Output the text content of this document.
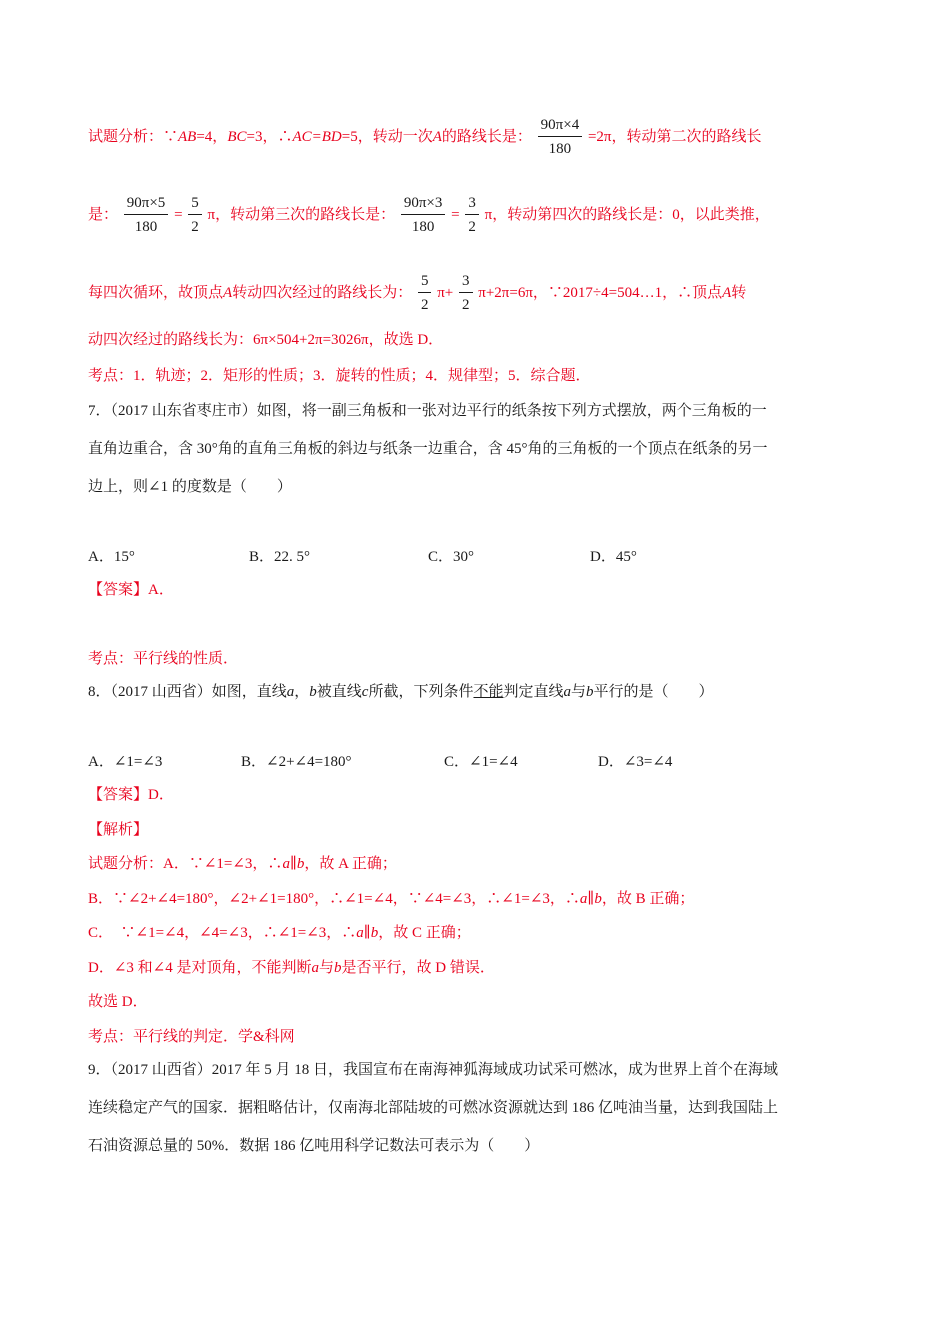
试题分析：∵AB=4，BC=3，∴AC=BD=5，转动一次A的路线长是： $\frac{90\pi\times 4}{180} =2\pi$，转动第二次的路线长
是： $\frac{90\pi\times 5}{180} = \frac{5}{2}$ π，转动第三次的路线长是： $\frac{90\pi\times 3}{180} = \frac{3}{2}$ π，转动第四次的路线长是：0，以此类推，
每四次循环，故顶点A转动四次经过的路线长为： $\frac{5}{2} \pi+ \frac{3}{2} \pi+2\pi=6\pi$，∵2017÷4=504…1，∴顶点A转
动四次经过的路线长为：6π×504+2π=3026π，故选 D．
考点：1．轨迹；2．矩形的性质；3．旋转的性质；4．规律型；5．综合题．
7．（2017 山东省枣庄市）如图，将一副三角板和一张对边平行的纸条按下列方式摆放，两个三角板的一
直角边重合，含 30°角的直角三角板的斜边与纸条一边重合，含 45°角的三角板的一个顶点在纸条的另一
边上，则∠1 的度数是（　　）
A．15°	B．22. 5°	C．30°	D．45°
【答案】A．
考点：平行线的性质．
8．（2017 山西省）如图，直线a，b被直线c所截，下列条件不能判定直线a与b平行的是（　　）
A．∠1=∠3	B．∠2+∠4=180°	C．∠1=∠4	D．∠3=∠4
【答案】D．
【解析】
试题分析：A．∵∠1=∠3，∴a∥b，故 A 正确；
B．∵∠2+∠4=180°，∠2+∠1=180°，∴∠1=∠4，∵∠4=∠3，∴∠1=∠3，∴a∥b，故 B 正确；
C．　∵∠1=∠4，∠4=∠3，∴∠1=∠3，∴a∥b，故 C 正确；
D．∠3 和∠4 是对顶角，不能判断a与b是否平行，故 D 错误．
故选 D．
考点：平行线的判定．学&科网
9．（2017 山西省）2017 年 5 月 18 日，我国宣布在南海神狐海域成功试采可燃冰，成为世界上首个在海域
连续稳定产气的国家．据粗略估计，仅南海北部陆坡的可燃冰资源就达到 186 亿吨油当量，达到我国陆上
石油资源总量的 50%．数据 186 亿吨用科学记数法可表示为（　　）
